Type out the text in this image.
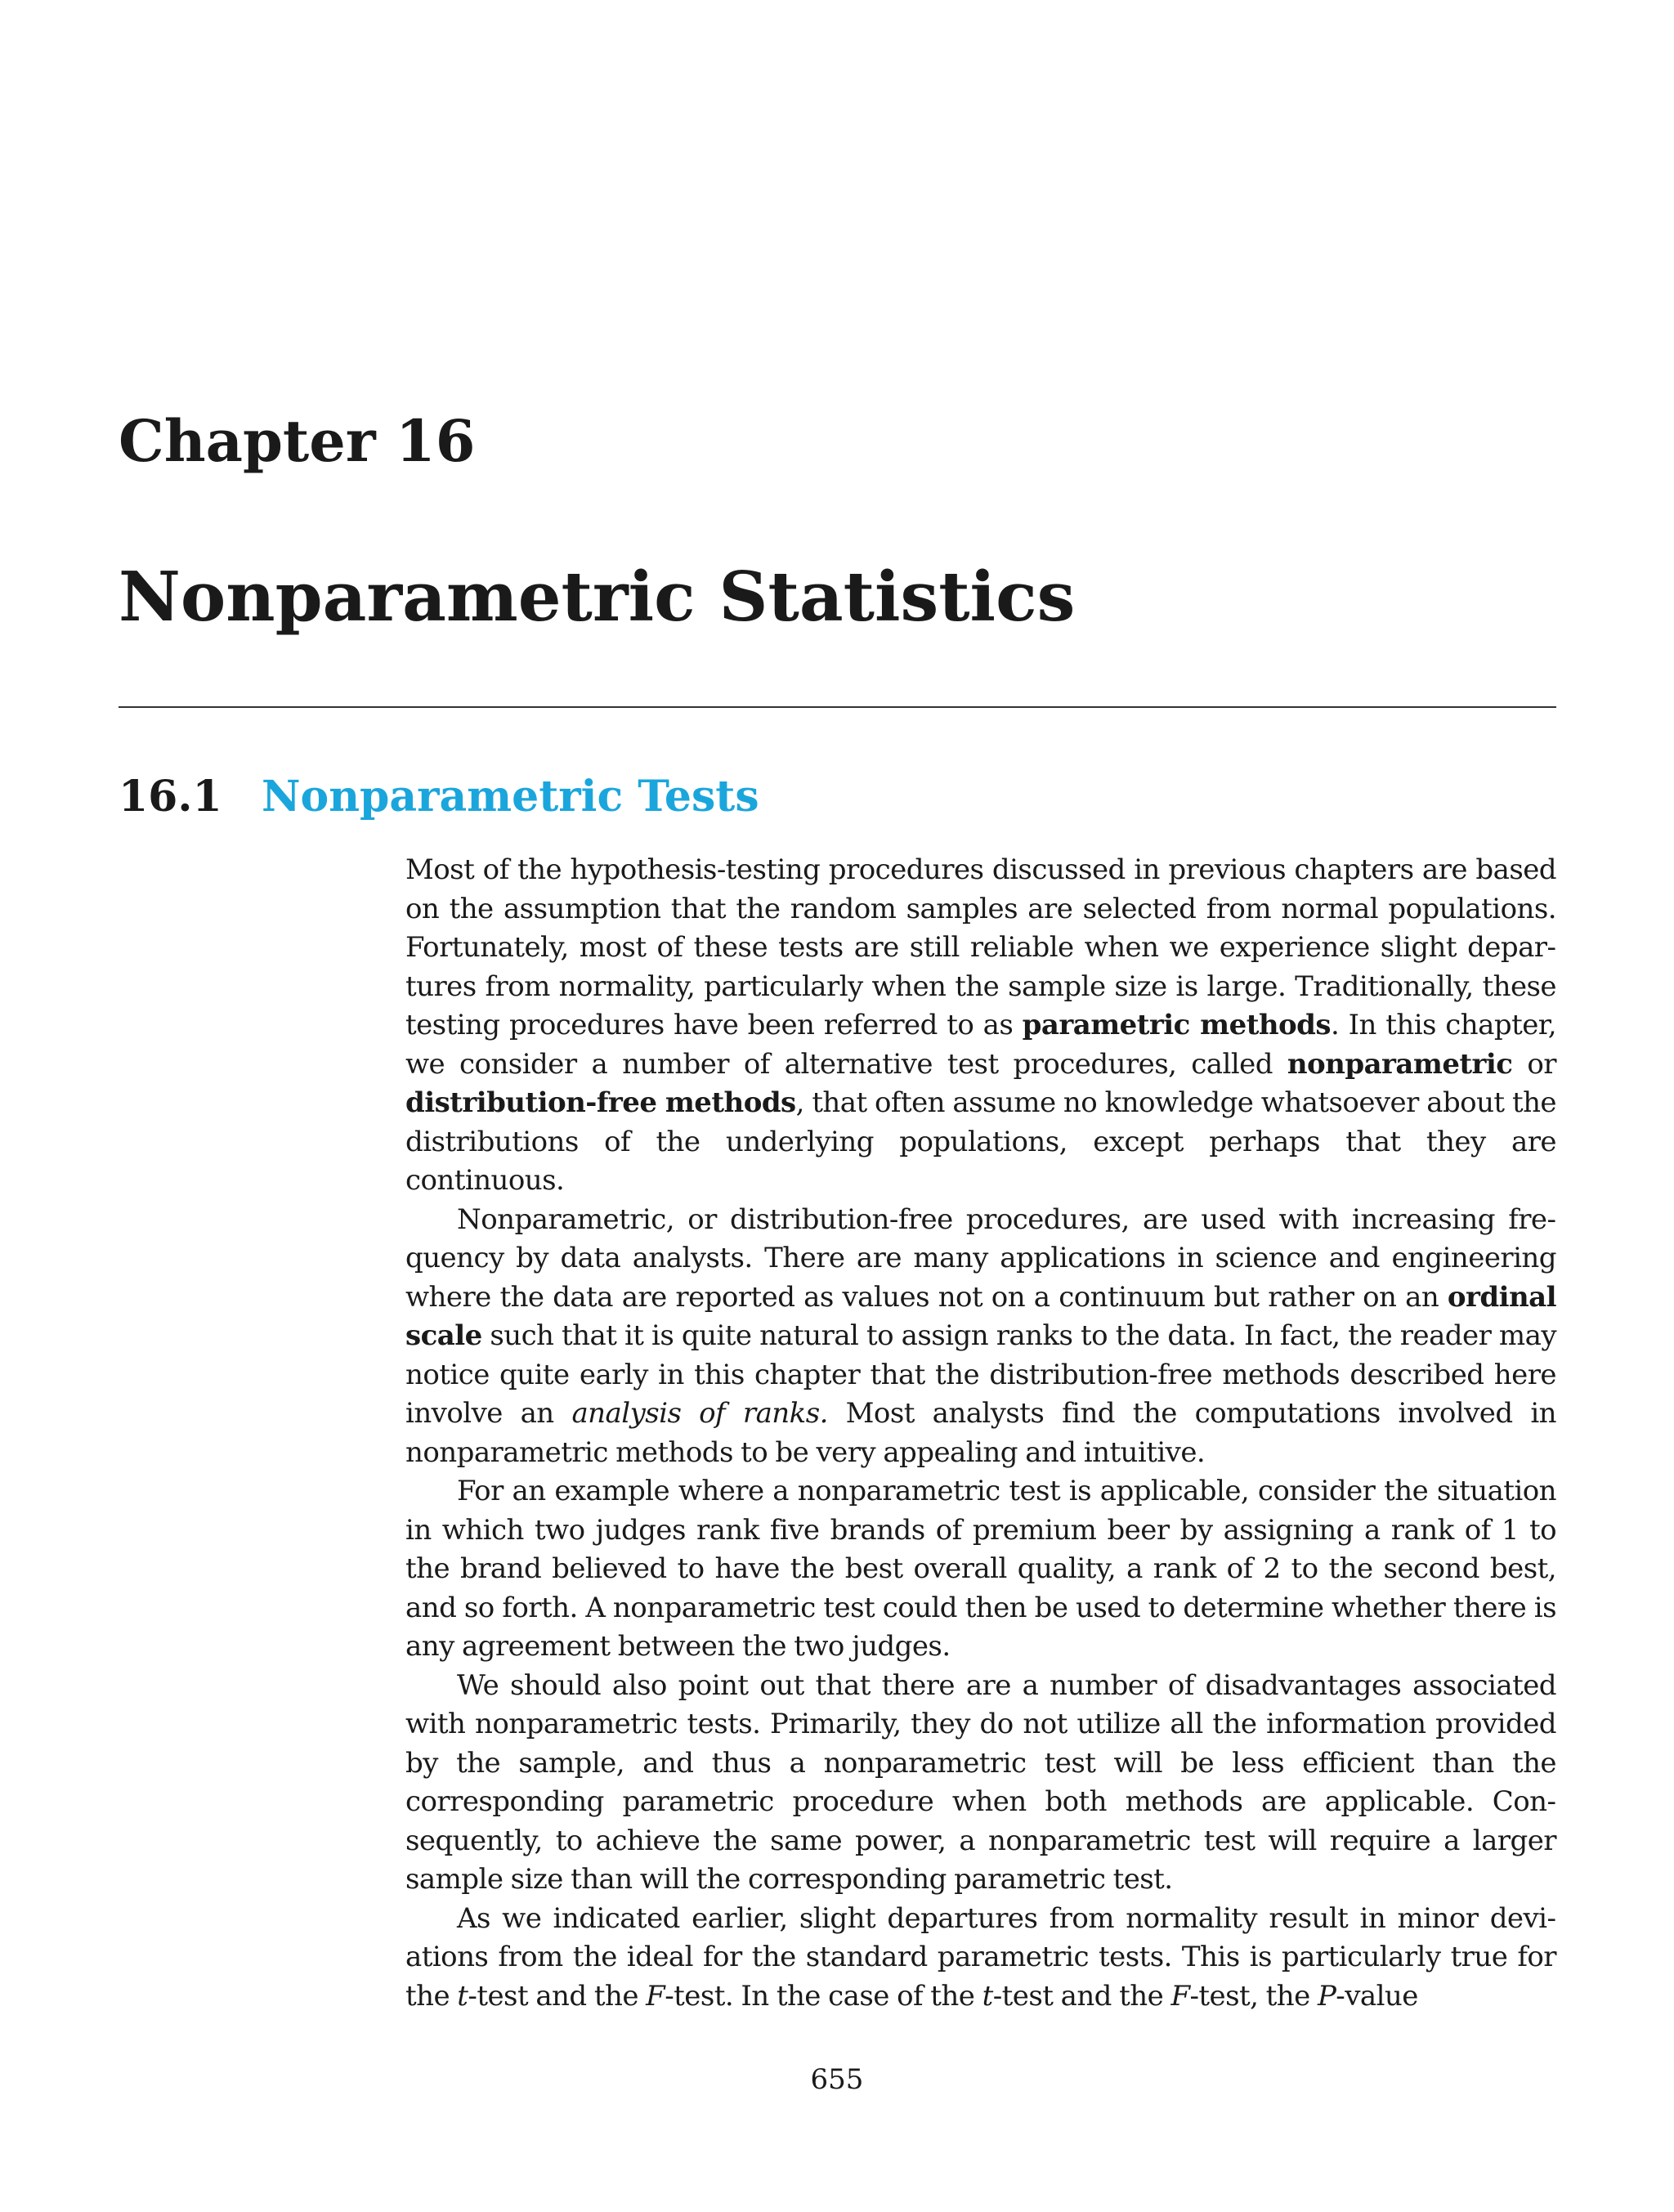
Chapter 16
Nonparametric Statistics
16.1 Nonparametric Tests

Most of the hypothesis-testing procedures discussed in previous chapters are based on the assumption that the random samples are selected from normal populations. Fortunately, most of these tests are still reliable when we experience slight departures from normality, particularly when the sample size is large. Traditionally, these testing procedures have been referred to as parametric methods. In this chapter, we consider a number of alternative test procedures, called nonparametric or distribution-free methods, that often assume no knowledge whatsoever about the distributions of the underlying populations, except perhaps that they are continuous.

Nonparametric, or distribution-free procedures, are used with increasing frequency by data analysts. There are many applications in science and engineering where the data are reported as values not on a continuum but rather on an ordinal scale such that it is quite natural to assign ranks to the data. In fact, the reader may notice quite early in this chapter that the distribution-free methods described here involve an analysis of ranks. Most analysts find the computations involved in nonparametric methods to be very appealing and intuitive.

For an example where a nonparametric test is applicable, consider the situation in which two judges rank five brands of premium beer by assigning a rank of 1 to the brand believed to have the best overall quality, a rank of 2 to the second best, and so forth. A nonparametric test could then be used to determine whether there is any agreement between the two judges.

We should also point out that there are a number of disadvantages associated with nonparametric tests. Primarily, they do not utilize all the information provided by the sample, and thus a nonparametric test will be less efficient than the corresponding parametric procedure when both methods are applicable. Consequently, to achieve the same power, a nonparametric test will require a larger sample size than will the corresponding parametric test.

As we indicated earlier, slight departures from normality result in minor deviations from the ideal for the standard parametric tests. This is particularly true for the t-test and the F-test. In the case of the t-test and the F-test, the P-value

655
